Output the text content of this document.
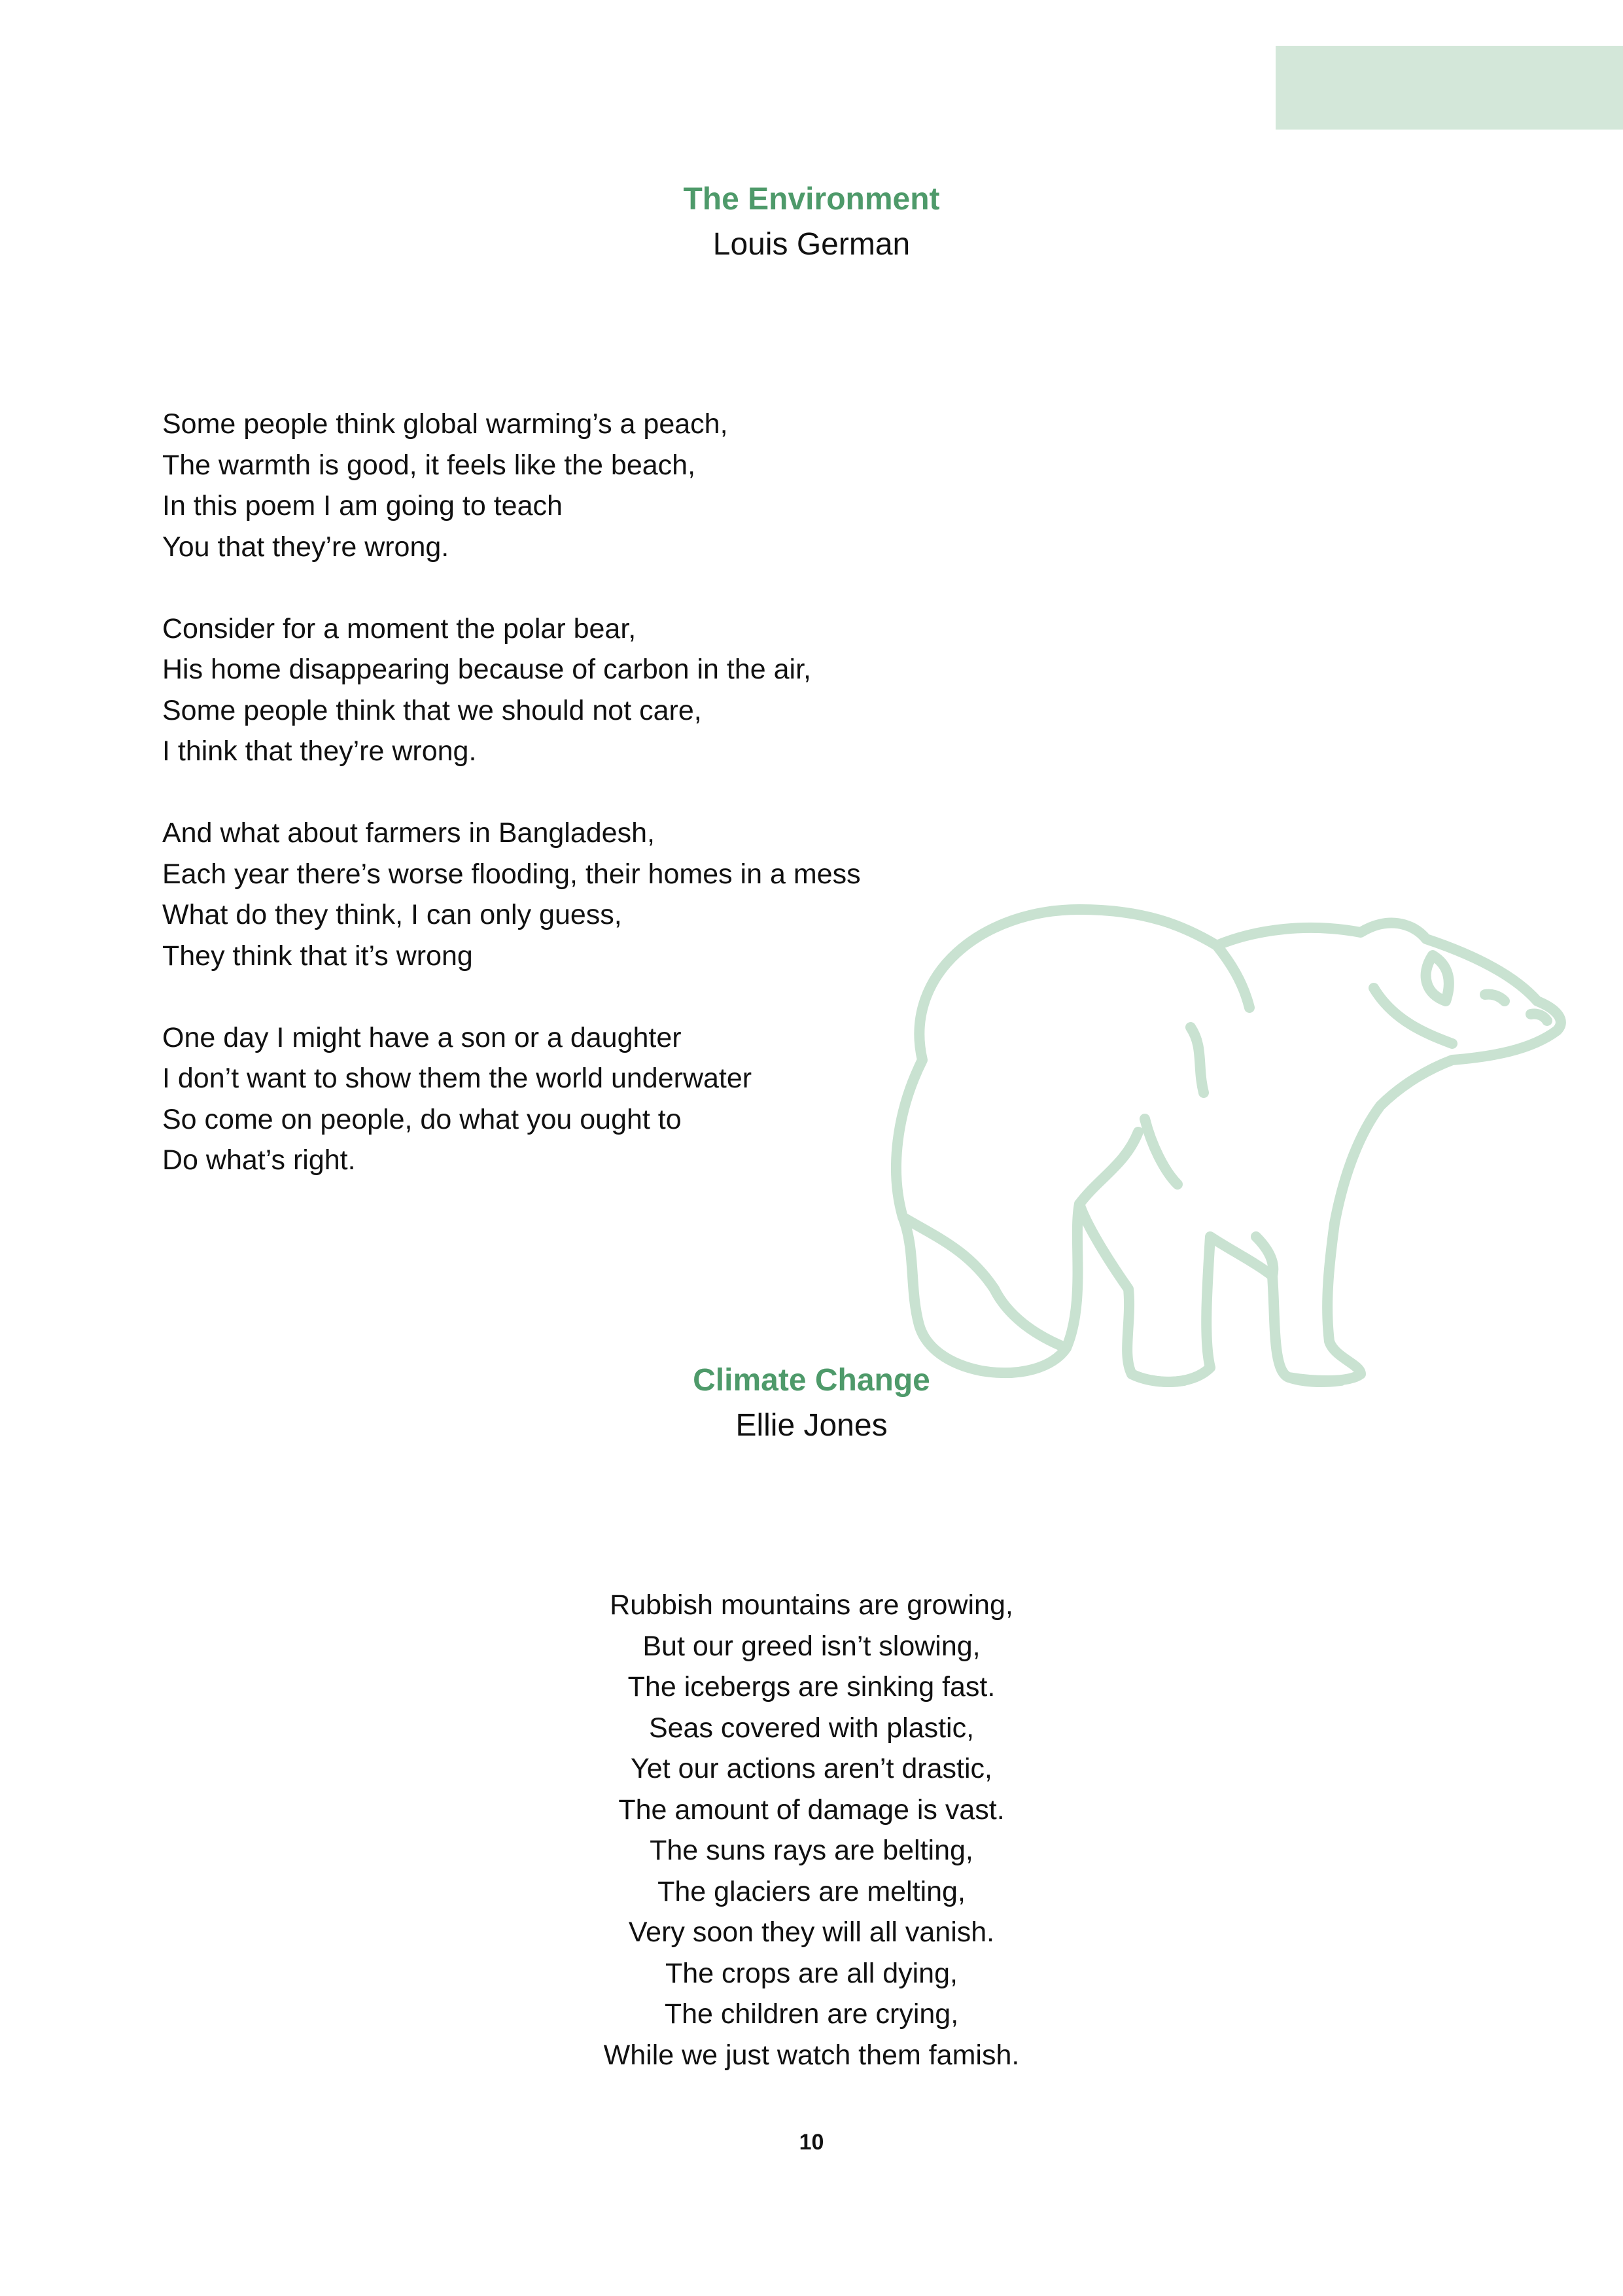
The Environment
Louis German
Some people think global warming’s a peach,
The warmth is good, it feels like the beach,
In this poem I am going to teach
You that they’re wrong.
Consider for a moment the polar bear,
His home disappearing because of carbon in the air,
Some people think that we should not care,
I think that they’re wrong.
And what about farmers in Bangladesh,
Each year there’s worse flooding, their homes in a mess
What do they think, I can only guess,
They think that it’s wrong
One day I might have a son or a daughter
I don’t want to show them the world underwater
So come on people, do what you ought to
Do what’s right.
Climate Change
Ellie Jones
Rubbish mountains are growing,
But our greed isn’t slowing,
The icebergs are sinking fast.
Seas covered with plastic,
Yet our actions aren’t drastic,
The amount of damage is vast.
The suns rays are belting,
The glaciers are melting,
Very soon they will all vanish.
The crops are all dying,
The children are crying,
While we just watch them famish.
10
